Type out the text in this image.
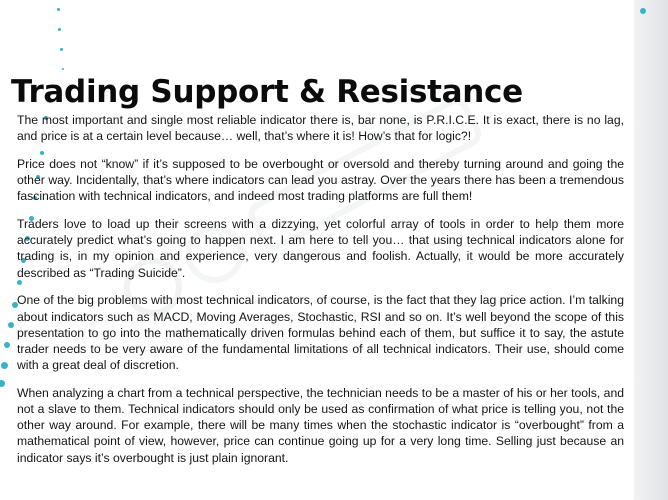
Trading Support & Resistance

The most important and single most reliable indicator there is, bar none, is P.R.I.C.E. It is exact, there is no lag, and price is at a certain level because… well, that’s where it is! How’s that for logic?!

Price does not “know” if it’s supposed to be overbought or oversold and thereby turning around and going the other way. Incidentally, that’s where indicators can lead you astray. Over the years there has been a tremendous fascination with technical indicators, and indeed most trading platforms are full them!

Traders love to load up their screens with a dizzying, yet colorful array of tools in order to help them more accurately predict what’s going to happen next. I am here to tell you… that using technical indicators alone for trading is, in my opinion and experience, very dangerous and foolish. Actually, it would be more accurately described as “Trading Suicide”.

One of the big problems with most technical indicators, of course, is the fact that they lag price action. I’m talking about indicators such as MACD, Moving Averages, Stochastic, RSI and so on. It’s well beyond the scope of this presentation to go into the mathematically driven formulas behind each of them, but suffice it to say, the astute trader needs to be very aware of the fundamental limitations of all technical indicators. Their use, should come with a great deal of discretion.

When analyzing a chart from a technical perspective, the technician needs to be a master of his or her tools, and not a slave to them. Technical indicators should only be used as confirmation of what price is telling you, not the other way around. For example, there will be many times when the stochastic indicator is “overbought” from a mathematical point of view, however, price can continue going up for a very long time. Selling just because an indicator says it’s overbought is just plain ignorant.
